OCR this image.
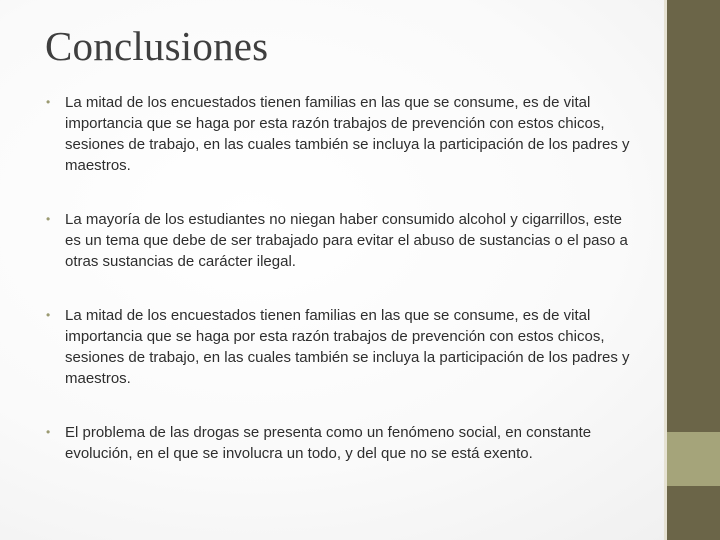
Conclusiones
• La mitad de los encuestados tienen familias en las que se consume, es de vital importancia que se haga por esta razón trabajos de prevención con estos chicos, sesiones de trabajo, en las cuales también se incluya la participación de los padres y maestros.
• La mayoría de los estudiantes no niegan haber consumido alcohol y cigarrillos, este es un tema que debe de ser trabajado para evitar el abuso de sustancias o el paso a otras sustancias de carácter ilegal.
• La mitad de los encuestados tienen familias en las que se consume, es de vital importancia que se haga por esta razón trabajos de prevención con estos chicos, sesiones de trabajo, en las cuales también se incluya la participación de los padres y maestros.
• El problema de las drogas se presenta como un fenómeno social, en constante evolución, en el que se involucra un todo, y del que no se está exento.
